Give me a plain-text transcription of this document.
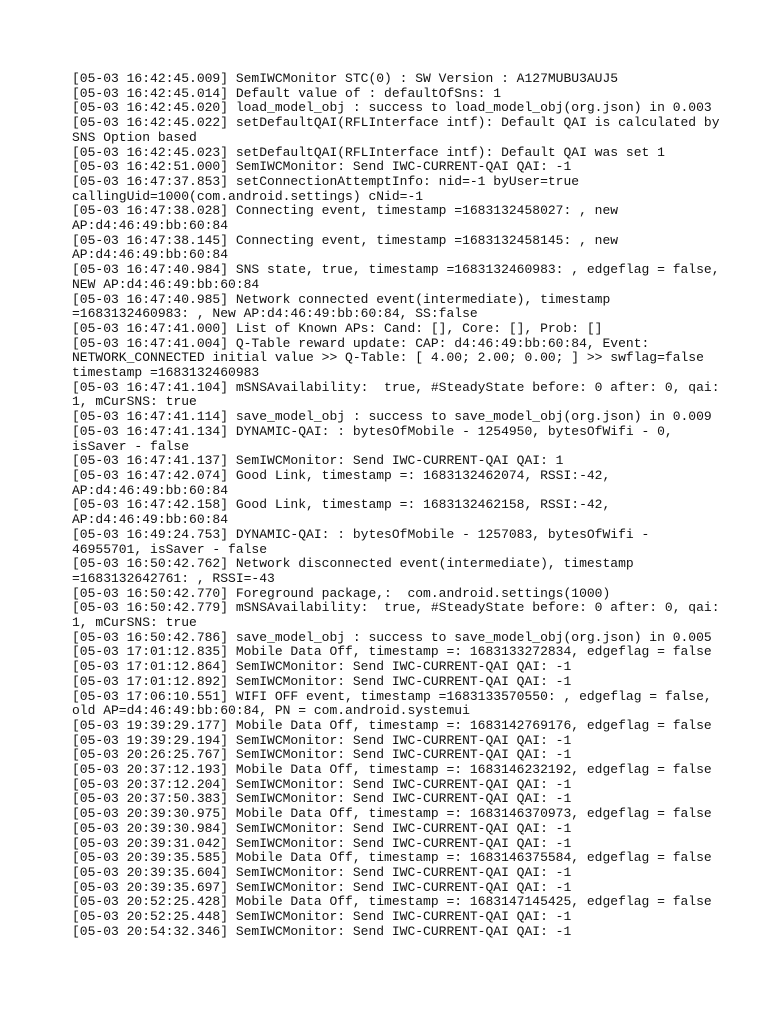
[05-03 16:42:45.009] SemIWCMonitor STC(0) : SW Version : A127MUBU3AUJ5
[05-03 16:42:45.014] Default value of : defaultOfSns: 1
[05-03 16:42:45.020] load_model_obj : success to load_model_obj(org.json) in 0.003
[05-03 16:42:45.022] setDefaultQAI(RFLInterface intf): Default QAI is calculated by
SNS Option based
[05-03 16:42:45.023] setDefaultQAI(RFLInterface intf): Default QAI was set 1
[05-03 16:42:51.000] SemIWCMonitor: Send IWC-CURRENT-QAI QAI: -1
[05-03 16:47:37.853] setConnectionAttemptInfo: nid=-1 byUser=true
callingUid=1000(com.android.settings) cNid=-1
[05-03 16:47:38.028] Connecting event, timestamp =1683132458027: , new
AP:d4:46:49:bb:60:84
[05-03 16:47:38.145] Connecting event, timestamp =1683132458145: , new
AP:d4:46:49:bb:60:84
[05-03 16:47:40.984] SNS state, true, timestamp =1683132460983: , edgeflag = false,
NEW AP:d4:46:49:bb:60:84
[05-03 16:47:40.985] Network connected event(intermediate), timestamp
=1683132460983: , New AP:d4:46:49:bb:60:84, SS:false
[05-03 16:47:41.000] List of Known APs: Cand: [], Core: [], Prob: []
[05-03 16:47:41.004] Q-Table reward update: CAP: d4:46:49:bb:60:84, Event:
NETWORK_CONNECTED initial value >> Q-Table: [ 4.00; 2.00; 0.00; ] >> swflag=false
timestamp =1683132460983
[05-03 16:47:41.104] mSNSAvailability:  true, #SteadyState before: 0 after: 0, qai:
1, mCurSNS: true
[05-03 16:47:41.114] save_model_obj : success to save_model_obj(org.json) in 0.009
[05-03 16:47:41.134] DYNAMIC-QAI: : bytesOfMobile - 1254950, bytesOfWifi - 0,
isSaver - false
[05-03 16:47:41.137] SemIWCMonitor: Send IWC-CURRENT-QAI QAI: 1
[05-03 16:47:42.074] Good Link, timestamp =: 1683132462074, RSSI:-42,
AP:d4:46:49:bb:60:84
[05-03 16:47:42.158] Good Link, timestamp =: 1683132462158, RSSI:-42,
AP:d4:46:49:bb:60:84
[05-03 16:49:24.753] DYNAMIC-QAI: : bytesOfMobile - 1257083, bytesOfWifi -
46955701, isSaver - false
[05-03 16:50:42.762] Network disconnected event(intermediate), timestamp
=1683132642761: , RSSI=-43
[05-03 16:50:42.770] Foreground package,:  com.android.settings(1000)
[05-03 16:50:42.779] mSNSAvailability:  true, #SteadyState before: 0 after: 0, qai:
1, mCurSNS: true
[05-03 16:50:42.786] save_model_obj : success to save_model_obj(org.json) in 0.005
[05-03 17:01:12.835] Mobile Data Off, timestamp =: 1683133272834, edgeflag = false
[05-03 17:01:12.864] SemIWCMonitor: Send IWC-CURRENT-QAI QAI: -1
[05-03 17:01:12.892] SemIWCMonitor: Send IWC-CURRENT-QAI QAI: -1
[05-03 17:06:10.551] WIFI OFF event, timestamp =1683133570550: , edgeflag = false,
old AP=d4:46:49:bb:60:84, PN = com.android.systemui
[05-03 19:39:29.177] Mobile Data Off, timestamp =: 1683142769176, edgeflag = false
[05-03 19:39:29.194] SemIWCMonitor: Send IWC-CURRENT-QAI QAI: -1
[05-03 20:26:25.767] SemIWCMonitor: Send IWC-CURRENT-QAI QAI: -1
[05-03 20:37:12.193] Mobile Data Off, timestamp =: 1683146232192, edgeflag = false
[05-03 20:37:12.204] SemIWCMonitor: Send IWC-CURRENT-QAI QAI: -1
[05-03 20:37:50.383] SemIWCMonitor: Send IWC-CURRENT-QAI QAI: -1
[05-03 20:39:30.975] Mobile Data Off, timestamp =: 1683146370973, edgeflag = false
[05-03 20:39:30.984] SemIWCMonitor: Send IWC-CURRENT-QAI QAI: -1
[05-03 20:39:31.042] SemIWCMonitor: Send IWC-CURRENT-QAI QAI: -1
[05-03 20:39:35.585] Mobile Data Off, timestamp =: 1683146375584, edgeflag = false
[05-03 20:39:35.604] SemIWCMonitor: Send IWC-CURRENT-QAI QAI: -1
[05-03 20:39:35.697] SemIWCMonitor: Send IWC-CURRENT-QAI QAI: -1
[05-03 20:52:25.428] Mobile Data Off, timestamp =: 1683147145425, edgeflag = false
[05-03 20:52:25.448] SemIWCMonitor: Send IWC-CURRENT-QAI QAI: -1
[05-03 20:54:32.346] SemIWCMonitor: Send IWC-CURRENT-QAI QAI: -1
